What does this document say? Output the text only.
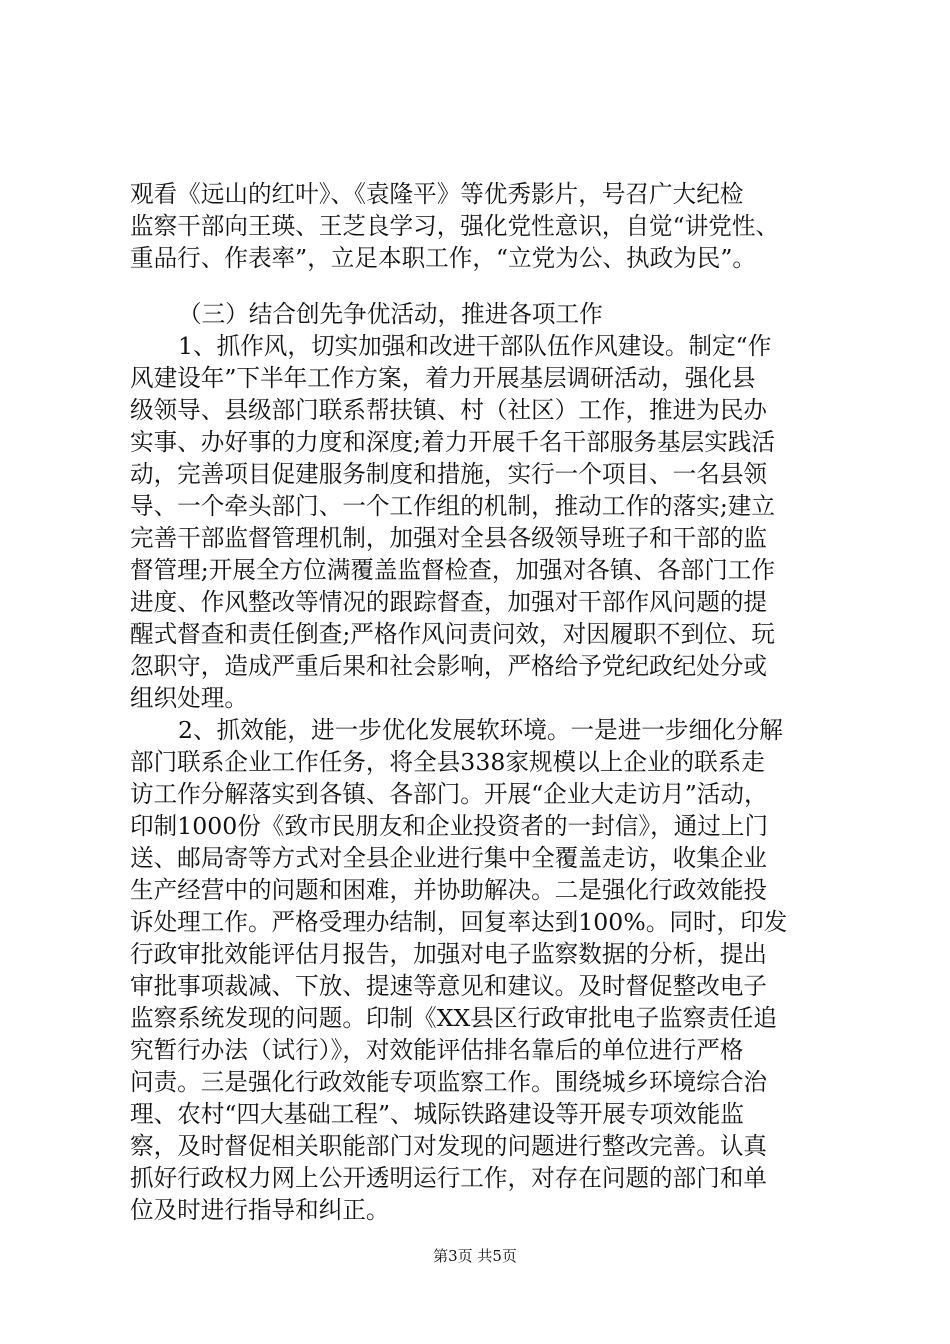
观看《远山的红叶》、《袁隆平》等优秀影片，号召广大纪检
监察干部向王瑛、王芝良学习，强化党性意识，自觉“讲党性、
重品行、作表率”，立足本职工作，“立党为公、执政为民”。
（三）结合创先争优活动，推进各项工作
1、抓作风，切实加强和改进干部队伍作风建设。制定“作
风建设年”下半年工作方案，着力开展基层调研活动，强化县
级领导、县级部门联系帮扶镇、村（社区）工作，推进为民办
实事、办好事的力度和深度;着力开展千名干部服务基层实践活
动，完善项目促建服务制度和措施，实行一个项目、一名县领
导、一个牵头部门、一个工作组的机制，推动工作的落实;建立
完善干部监督管理机制，加强对全县各级领导班子和干部的监
督管理;开展全方位满覆盖监督检查，加强对各镇、各部门工作
进度、作风整改等情况的跟踪督查，加强对干部作风问题的提
醒式督查和责任倒查;严格作风问责问效，对因履职不到位、玩
忽职守，造成严重后果和社会影响，严格给予党纪政纪处分或
组织处理。
2、抓效能，进一步优化发展软环境。一是进一步细化分解
部门联系企业工作任务，将全县338家规模以上企业的联系走
访工作分解落实到各镇、各部门。开展“企业大走访月”活动，
印制1000份《致市民朋友和企业投资者的一封信》，通过上门
送、邮局寄等方式对全县企业进行集中全覆盖走访，收集企业
生产经营中的问题和困难，并协助解决。二是强化行政效能投
诉处理工作。严格受理办结制，回复率达到100%。同时，印发
行政审批效能评估月报告，加强对电子监察数据的分析，提出
审批事项裁减、下放、提速等意见和建议。及时督促整改电子
监察系统发现的问题。印制《XX县区行政审批电子监察责任追
究暂行办法（试行）》，对效能评估排名靠后的单位进行严格
问责。三是强化行政效能专项监察工作。围绕城乡环境综合治
理、农村“四大基础工程”、城际铁路建设等开展专项效能监
察，及时督促相关职能部门对发现的问题进行整改完善。认真
抓好行政权力网上公开透明运行工作，对存在问题的部门和单
位及时进行指导和纠正。
第3页 共5页
